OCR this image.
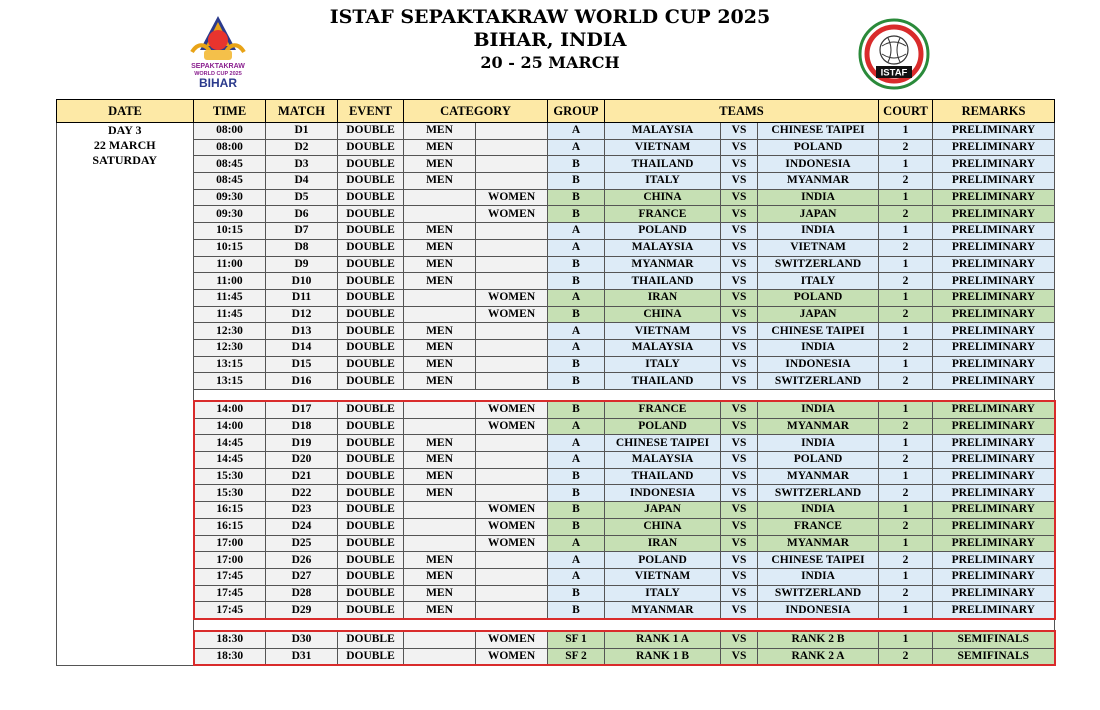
ISTAF SEPAKTAKRAW WORLD CUP 2025
BIHAR, INDIA
20 - 25 MARCH
SEPAKTAKRAW
WORLD CUP 2025
BIHAR
ISTAF
DATE	TIME	MATCH	EVENT	CATEGORY		GROUP	TEAMS			COURT	REMARKS

DAY 3
22 MARCH
SATURDAY	08:00	D1	DOUBLE	MEN		A	MALAYSIA	VS	CHINESE TAIPEI	1	PRELIMINARY
	08:00	D2	DOUBLE	MEN		A	VIETNAM	VS	POLAND	2	PRELIMINARY
	08:45	D3	DOUBLE	MEN		B	THAILAND	VS	INDONESIA	1	PRELIMINARY
	08:45	D4	DOUBLE	MEN		B	ITALY	VS	MYANMAR	2	PRELIMINARY
	09:30	D5	DOUBLE		WOMEN	B	CHINA	VS	INDIA	1	PRELIMINARY
	09:30	D6	DOUBLE		WOMEN	B	FRANCE	VS	JAPAN	2	PRELIMINARY
	10:15	D7	DOUBLE	MEN		A	POLAND	VS	INDIA	1	PRELIMINARY
	10:15	D8	DOUBLE	MEN		A	MALAYSIA	VS	VIETNAM	2	PRELIMINARY
	11:00	D9	DOUBLE	MEN		B	MYANMAR	VS	SWITZERLAND	1	PRELIMINARY
	11:00	D10	DOUBLE	MEN		B	THAILAND	VS	ITALY	2	PRELIMINARY
	11:45	D11	DOUBLE		WOMEN	A	IRAN	VS	POLAND	1	PRELIMINARY
	11:45	D12	DOUBLE		WOMEN	B	CHINA	VS	JAPAN	2	PRELIMINARY
	12:30	D13	DOUBLE	MEN		A	VIETNAM	VS	CHINESE TAIPEI	1	PRELIMINARY
	12:30	D14	DOUBLE	MEN		A	MALAYSIA	VS	INDIA	2	PRELIMINARY
	13:15	D15	DOUBLE	MEN		B	ITALY	VS	INDONESIA	1	PRELIMINARY
	13:15	D16	DOUBLE	MEN		B	THAILAND	VS	SWITZERLAND	2	PRELIMINARY

	14:00	D17	DOUBLE		WOMEN	B	FRANCE	VS	INDIA	1	PRELIMINARY
	14:00	D18	DOUBLE		WOMEN	A	POLAND	VS	MYANMAR	2	PRELIMINARY
	14:45	D19	DOUBLE	MEN		A	CHINESE TAIPEI	VS	INDIA	1	PRELIMINARY
	14:45	D20	DOUBLE	MEN		A	MALAYSIA	VS	POLAND	2	PRELIMINARY
	15:30	D21	DOUBLE	MEN		B	THAILAND	VS	MYANMAR	1	PRELIMINARY
	15:30	D22	DOUBLE	MEN		B	INDONESIA	VS	SWITZERLAND	2	PRELIMINARY
	16:15	D23	DOUBLE		WOMEN	B	JAPAN	VS	INDIA	1	PRELIMINARY
	16:15	D24	DOUBLE		WOMEN	B	CHINA	VS	FRANCE	2	PRELIMINARY
	17:00	D25	DOUBLE		WOMEN	A	IRAN	VS	MYANMAR	1	PRELIMINARY
	17:00	D26	DOUBLE	MEN		A	POLAND	VS	CHINESE TAIPEI	2	PRELIMINARY
	17:45	D27	DOUBLE	MEN		A	VIETNAM	VS	INDIA	1	PRELIMINARY
	17:45	D28	DOUBLE	MEN		B	ITALY	VS	SWITZERLAND	2	PRELIMINARY
	17:45	D29	DOUBLE	MEN		B	MYANMAR	VS	INDONESIA	1	PRELIMINARY

	18:30	D30	DOUBLE		WOMEN	SF 1	RANK 1 A	VS	RANK 2 B	1	SEMIFINALS
	18:30	D31	DOUBLE		WOMEN	SF 2	RANK 1 B	VS	RANK 2 A	2	SEMIFINALS
